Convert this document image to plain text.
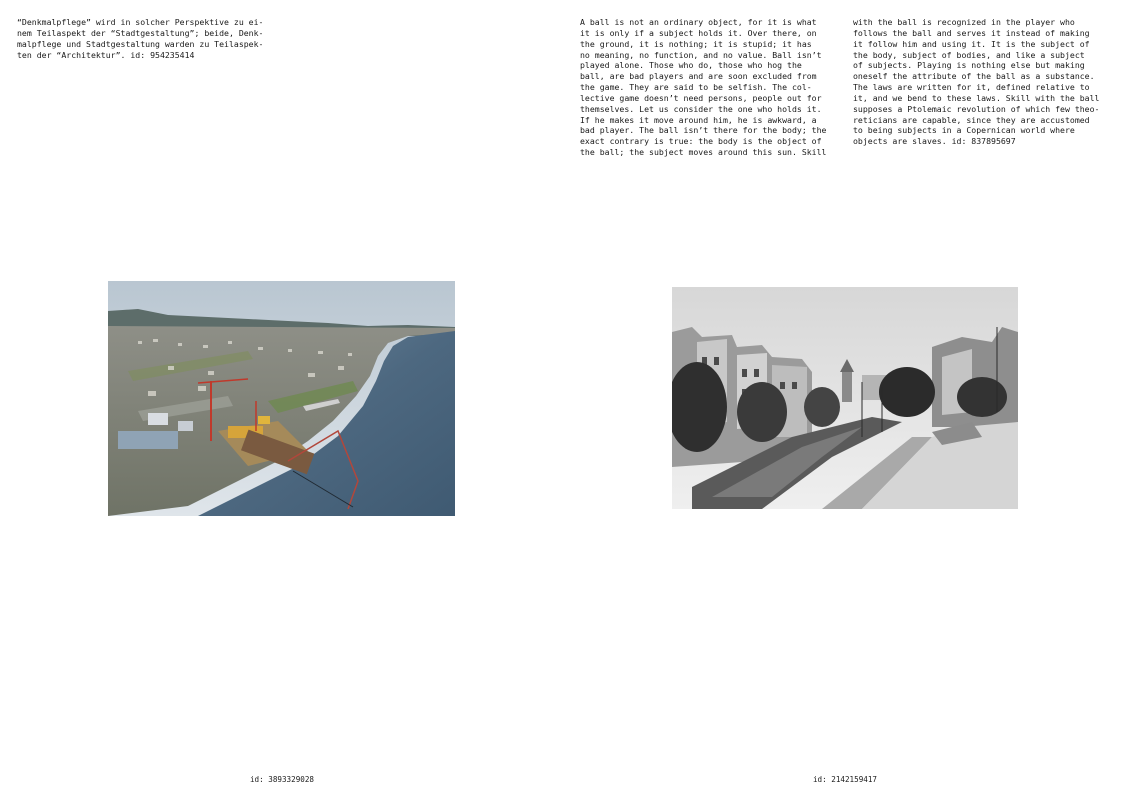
“Denkmalpflege” wird in solcher Perspektive zu ei-
nem Teilaspekt der “Stadtgestaltung”; beide, Denk-
malpflege und Stadtgestaltung warden zu Teilaspek-
ten der “Architektur”. id: 954235414
A ball is not an ordinary object, for it is what
it is only if a subject holds it. Over there, on
the ground, it is nothing; it is stupid; it has
no meaning, no function, and no value. Ball isn’t
played alone. Those who do, those who hog the
ball, are bad players and are soon excluded from
the game. They are said to be selfish. The col-
lective game doesn’t need persons, people out for
themselves. Let us consider the one who holds it.
If he makes it move around him, he is awkward, a
bad player. The ball isn’t there for the body; the
exact contrary is true: the body is the object of
the ball; the subject moves around this sun. Skill
with the ball is recognized in the player who
follows the ball and serves it instead of making
it follow him and using it. It is the subject of
the body, subject of bodies, and like a subject
of subjects. Playing is nothing else but making
oneself the attribute of the ball as a substance.
The laws are written for it, defined relative to
it, and we bend to these laws. Skill with the ball
supposes a Ptolemaic revolution of which few theo-
reticians are capable, since they are accustomed
to being subjects in a Copernican world where
objects are slaves. id: 837895697
id: 3893329028	id: 2142159417
